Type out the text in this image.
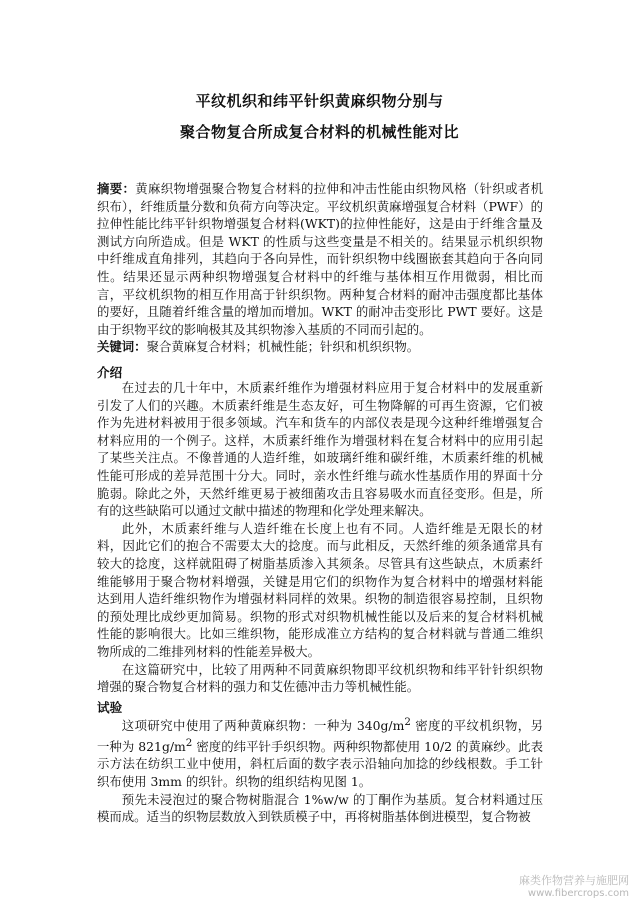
平纹机织和纬平针织黄麻织物分别与
聚合物复合所成复合材料的机械性能对比

摘要：黄麻织物增强聚合物复合材料的拉伸和冲击性能由织物风格（针织或者机织布），纤维质量分数和负荷方向等决定。平纹机织黄麻增强复合材料（PWF）的拉伸性能比纬平针织物增强复合材料(WKT)的拉伸性能好，这是由于纤维含量及测试方向所造成。但是 WKT 的性质与这些变量是不相关的。结果显示机织织物中纤维成直角排列，其趋向于各向异性，而针织织物中线圈嵌套其趋向于各向同性。结果还显示两种织物增强复合材料中的纤维与基体相互作用微弱，相比而言，平纹机织物的相互作用高于针织织物。两种复合材料的耐冲击强度都比基体的要好，且随着纤维含量的增加而增加。WKT 的耐冲击变形比 PWT 要好。这是由于织物平纹的影响极其及其织物渗入基质的不同而引起的。

关键词：聚合黄麻复合材料；机械性能；针织和机织织物。

介绍

在过去的几十年中，木质素纤维作为增强材料应用于复合材料中的发展重新引发了人们的兴趣。木质素纤维是生态友好，可生物降解的可再生资源，它们被作为先进材料被用于很多领域。汽车和货车的内部仪表是现今这种纤维增强复合材料应用的一个例子。这样，木质素纤维作为增强材料在复合材料中的应用引起了某些关注点。不像普通的人造纤维，如玻璃纤维和碳纤维，木质素纤维的机械性能可形成的差异范围十分大。同时，亲水性纤维与疏水性基质作用的界面十分脆弱。除此之外，天然纤维更易于被细菌攻击且容易吸水而直径变形。但是，所有的这些缺陷可以通过文献中描述的物理和化学处理来解决。

此外，木质素纤维与人造纤维在长度上也有不同。人造纤维是无限长的材料，因此它们的抱合不需要太大的捻度。而与此相反，天然纤维的须条通常具有较大的捻度，这样就阻碍了树脂基质渗入其须条。尽管具有这些缺点，木质素纤维能够用于聚合物材料增强，关键是用它们的织物作为复合材料中的增强材料能达到用人造纤维织物作为增强材料同样的效果。织物的制造很容易控制，且织物的预处理比成纱更加简易。织物的形式对织物机械性能以及后来的复合材料机械性能的影响很大。比如三维织物，能形成准立方结构的复合材料就与普通二维织物所成的二维排列材料的性能差异极大。

在这篇研究中，比较了用两种不同黄麻织物即平纹机织物和纬平针针织织物增强的聚合物复合材料的强力和艾佐德冲击力等机械性能。

试验

这项研究中使用了两种黄麻织物：一种为 $340g/m^2$ 密度的平纹机织物，另一种为 $821g/m^2$ 密度的纬平针手织织物。两种织物都使用 10/2 的黄麻纱。此表示方法在纺织工业中使用，斜杠后面的数字表示沿轴向加捻的纱线根数。手工针织布使用 3mm 的织针。织物的组织结构见图 1。

预先未浸泡过的聚合物树脂混合 1%w/w 的丁酮作为基质。复合材料通过压模而成。适当的织物层数放入到铁质模子中，再将树脂基体倒进模型，复合物被

麻类作物营养与施肥网
www.fibercrops.com
